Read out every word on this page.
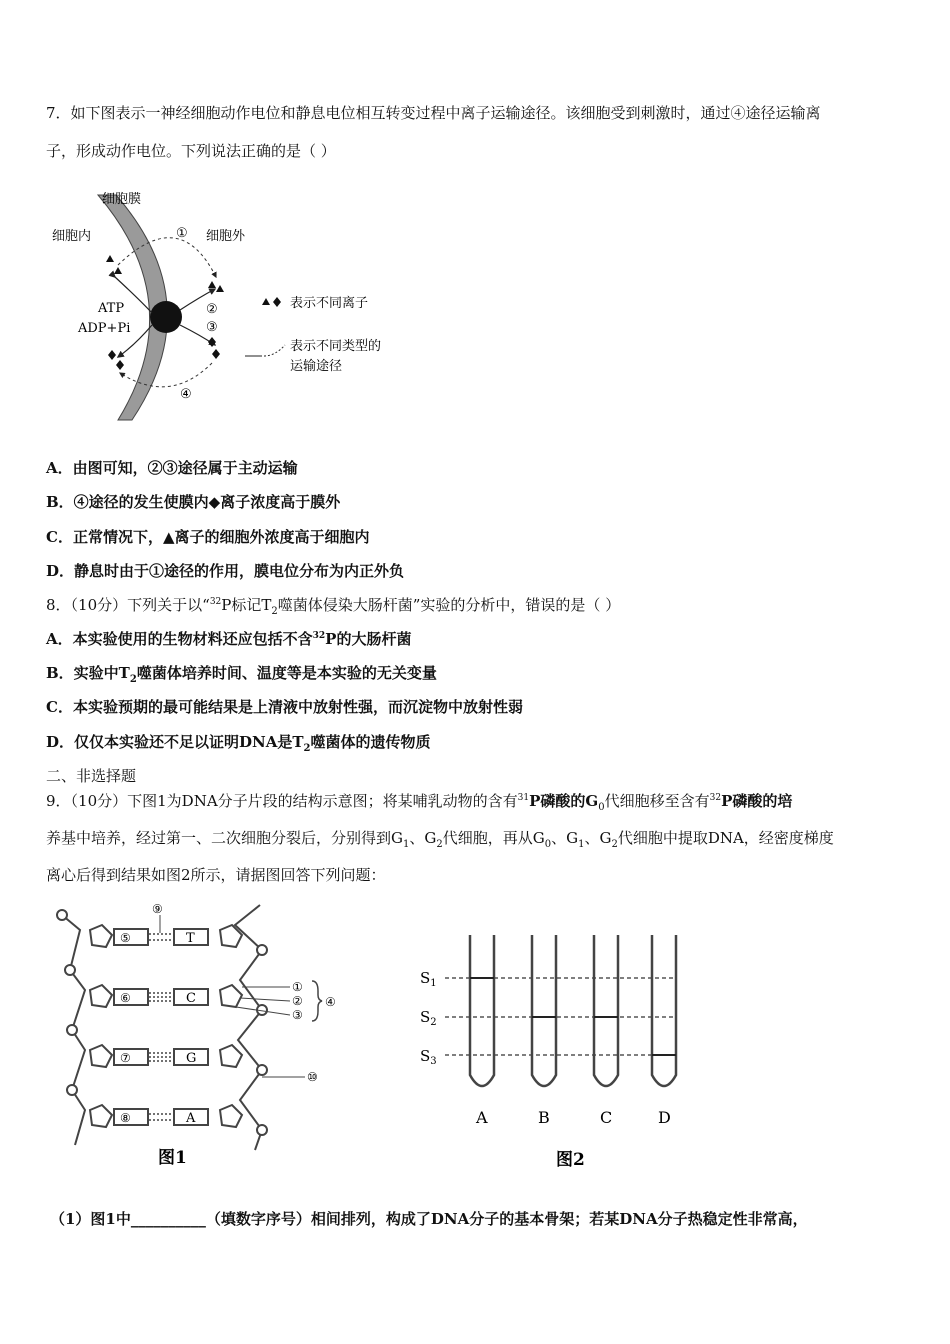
7．如下图表示一神经细胞动作电位和静息电位相互转变过程中离子运输途径。该细胞受到刺激时，通过④途径运输离
子，形成动作电位。下列说法正确的是（ ）
细胞膜
细胞内	细胞外
①
ATP
ADP+Pi
②
③
④
表示不同离子
表示不同类型的
运输途径
A．由图可知，②③途径属于主动运输
B．④途径的发生使膜内◆离子浓度高于膜外
C．正常情况下，▲离子的细胞外浓度高于细胞内
D．静息时由于①途径的作用，膜电位分布为内正外负
8．（10分）下列关于以“$^{32}$P标记$T_2$噬菌体侵染大肠杆菌”实验的分析中，错误的是（ ）
A．本实验使用的生物材料还应包括不含$^{32}$P的大肠杆菌
B．实验中$T_2$噬菌体培养时间、温度等是本实验的无关变量
C．本实验预期的最可能结果是上清液中放射性强，而沉淀物中放射性弱
D．仅仅本实验还不足以证明DNA是$T_2$噬菌体的遗传物质
二、非选择题
9．（10分）下图1为DNA分子片段的结构示意图；将某哺乳动物的含有$^{31}$P磷酸的$G_0$代细胞移至含有$^{32}$P磷酸的培
养基中培养，经过第一、二次细胞分裂后，分别得到$G_1$、$G_2$代细胞，再从$G_0$、$G_1$、$G_2$代细胞中提取DNA，经密度梯度
离心后得到结果如图2所示，请据图回答下列问题：
⑤	T
⑥	C
⑦	G
⑧	A
⑨
①
②
③
④
⑩
图1
$S_1$
$S_2$
$S_3$
A	B	C	D
图2
（1）图1中__________（填数字序号）相间排列，构成了DNA分子的基本骨架；若某DNA分子热稳定性非常高，
